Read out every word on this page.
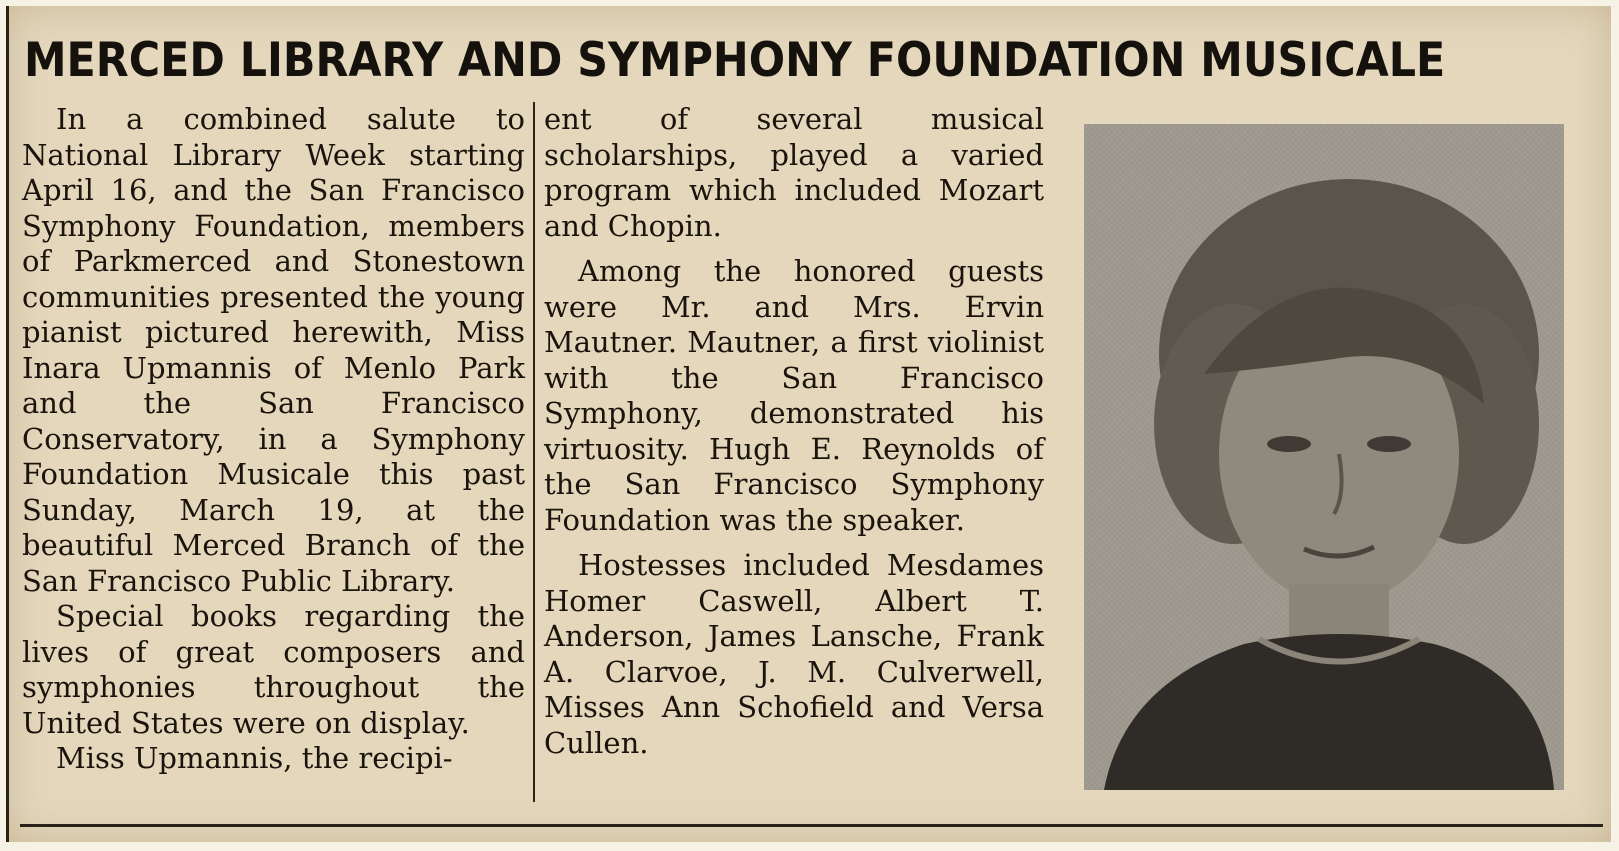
MERCED LIBRARY AND SYMPHONY FOUNDATION MUSICALE

In a combined salute to National Library Week starting April 16, and the San Francisco Symphony Foundation, members of Parkmerced and Stonestown communities presented the young pianist pictured herewith, Miss Inara Upmannis of Menlo Park and the San Francisco Conservatory, in a Symphony Foundation Musicale this past Sunday, March 19, at the beautiful Merced Branch of the San Francisco Public Library.

Special books regarding the lives of great composers and symphonies throughout the United States were on display.

Miss Upmannis, the recipi-

ent of several musical scholarships, played a varied program which included Mozart and Chopin.

Among the honored guests were Mr. and Mrs. Ervin Mautner. Mautner, a first violinist with the San Francisco Symphony, demonstrated his virtuosity. Hugh E. Reynolds of the San Francisco Symphony Foundation was the speaker.

Hostesses included Mesdames Homer Caswell, Albert T. Anderson, James Lansche, Frank A. Clarvoe, J. M. Culverwell, Misses Ann Schofield and Versa Cullen.
